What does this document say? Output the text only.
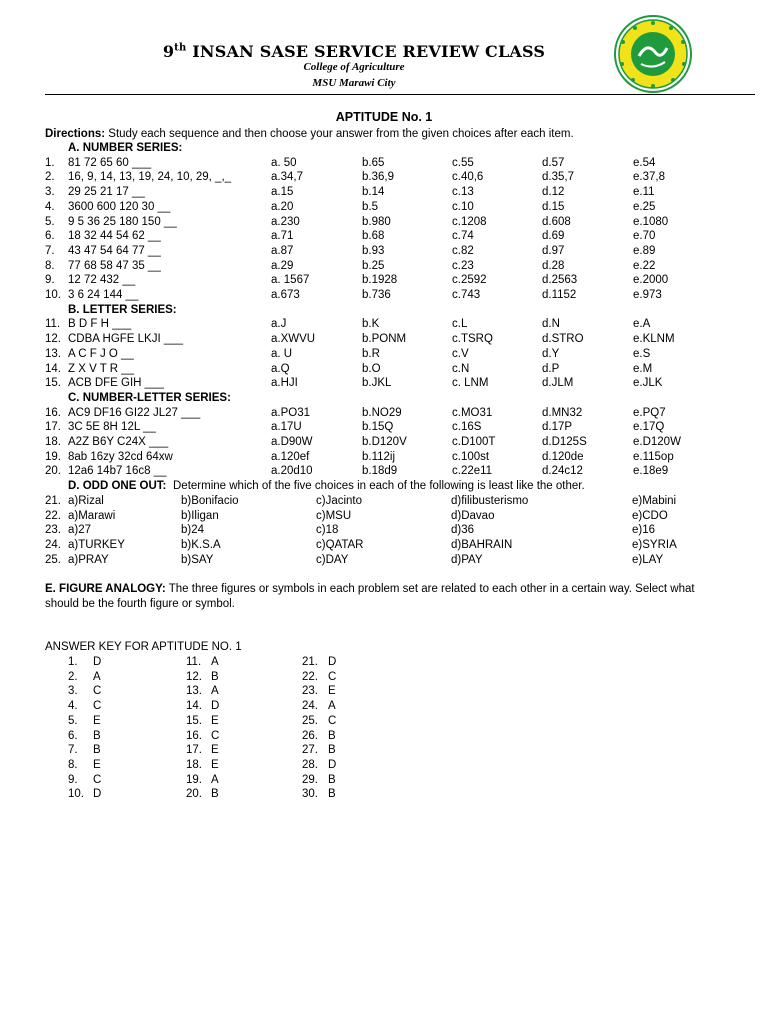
9th INSAN SASE SERVICE REVIEW CLASS
College of Agriculture
MSU Marawi City
APTITUDE No. 1
Directions: Study each sequence and then choose your answer from the given choices after each item.
A. NUMBER SERIES:
1. 81 72 65 60 ___	a. 50	b.65	c.55	d.57	e.54
2. 16, 9, 14, 13, 19, 24, 10, 29, _,_	a.34,7	b.36,9	c.40,6	d.35,7	e.37,8
3. 29 25 21 17 __	a.15	b.14	c.13	d.12	e.11
4. 3600 600 120 30 __	a.20	b.5	c.10	d.15	e.25
5. 9 5 36 25 180 150 __	a.230	b.980	c.1208	d.608	e.1080
6. 18 32 44 54 62 __	a.71	b.68	c.74	d.69	e.70
7. 43 47 54 64 77 __	a.87	b.93	c.82	d.97	e.89
8. 77 68 58 47 35 __	a.29	b.25	c.23	d.28	e.22
9. 12 72 432 __	a. 1567	b.1928	c.2592	d.2563	e.2000
10. 3 6 24 144 __	a.673	b.736	c.743	d.1152	e.973
B. LETTER SERIES:
11. B D F H ___	a.J	b.K	c.L	d.N	e.A
12. CDBA HGFE LKJI ___	a.XWVU	b.PONM	c.TSRQ	d.STRO	e.KLNM
13. A C F J O __	a. U	b.R	c.V	d.Y	e.S
14. Z X V T R __	a.Q	b.O	c.N	d.P	e.M
15. ACB DFE GIH ___	a.HJI	b.JKL	c. LNM	d.JLM	e.JLK
C. NUMBER-LETTER SERIES:
16. AC9 DF16 GI22 JL27 ___	a.PO31	b.NO29	c.MO31	d.MN32	e.PQ7
17. 3C 5E 8H 12L __	a.17U	b.15Q	c.16S	d.17P	e.17Q
18. A2Z B6Y C24X ___	a.D90W	b.D120V	c.D100T	d.D125S	e.D120W
19. 8ab 16zy 32cd 64xw	a.120ef	b.112ij	c.100st	d.120de	e.115op
20. 12a6 14b7 16c8 __	a.20d10	b.18d9	c.22e11	d.24c12	e.18e9
D. ODD ONE OUT: Determine which of the five choices in each of the following is least like the other.
21. a)Rizal	b)Bonifacio	c)Jacinto	d)filibusterismo	e)Mabini
22. a)Marawi	b)Iligan	c)MSU	d)Davao	e)CDO
23. a)27	b)24	c)18	d)36	e)16
24. a)TURKEY	b)K.S.A	c)QATAR	d)BAHRAIN	e)SYRIA
25. a)PRAY	b)SAY	c)DAY	d)PAY	e)LAY
E. FIGURE ANALOGY: The three figures or symbols in each problem set are related to each other in a certain way. Select what should be the fourth figure or symbol.
ANSWER KEY FOR APTITUDE NO. 1
1. D	11. A	21. D
2. A	12. B	22. C
3. C	13. A	23. E
4. C	14. D	24. A
5. E	15. E	25. C
6. B	16. C	26. B
7. B	17. E	27. B
8. E	18. E	28. D
9. C	19. A	29. B
10. D	20. B	30. B
